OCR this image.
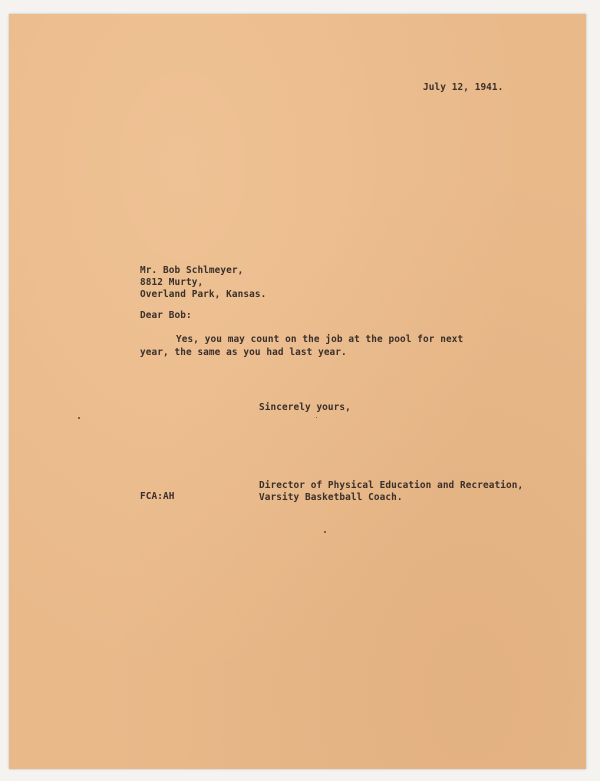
July 12, 1941.
Mr. Bob Schlmeyer,
8812 Murty,
Overland Park, Kansas.
Dear Bob:
Yes, you may count on the job at the pool for next
year, the same as you had last year.
Sincerely yours,
Director of Physical Education and Recreation,
Varsity Basketball Coach.
FCA:AH
